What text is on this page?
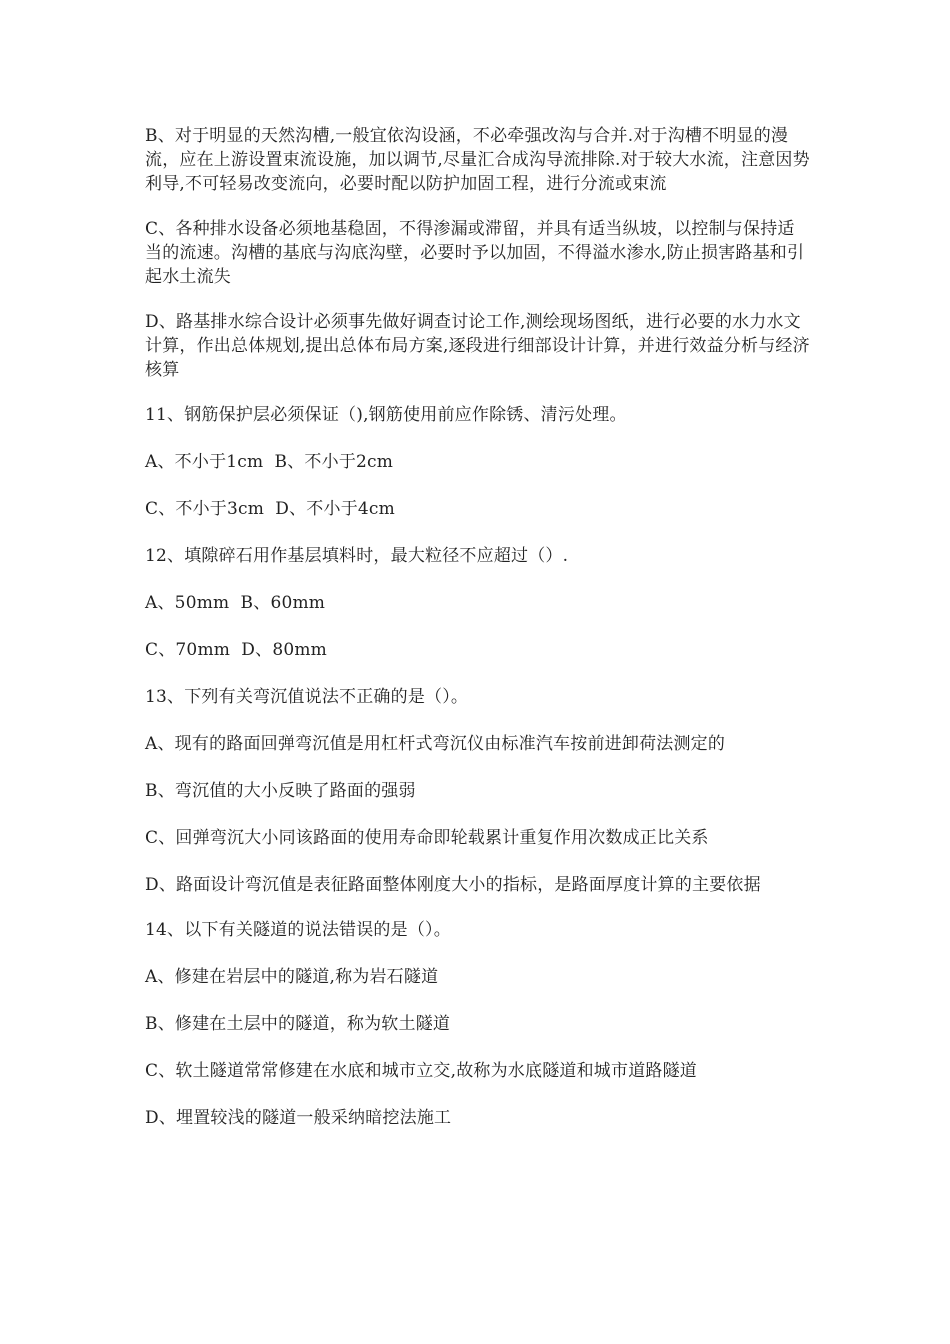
B、对于明显的天然沟槽,一般宜依沟设涵，不必牵强改沟与合并.对于沟槽不明显的漫流，应在上游设置束流设施，加以调节,尽量汇合成沟导流排除.对于较大水流，注意因势利导,不可轻易改变流向，必要时配以防护加固工程，进行分流或束流

C、各种排水设备必须地基稳固，不得渗漏或滞留，并具有适当纵坡，以控制与保持适当的流速。沟槽的基底与沟底沟壁，必要时予以加固，不得溢水渗水,防止损害路基和引起水土流失

D、路基排水综合设计必须事先做好调查讨论工作,测绘现场图纸，进行必要的水力水文计算，作出总体规划,提出总体布局方案,逐段进行细部设计计算，并进行效益分析与经济核算

11、钢筋保护层必须保证（),钢筋使用前应作除锈、清污处理。

A、不小于1cm  B、不小于2cm

C、不小于3cm  D、不小于4cm

12、填隙碎石用作基层填料时，最大粒径不应超过（）.

A、50mm  B、60mm

C、70mm  D、80mm

13、下列有关弯沉值说法不正确的是（）。

A、现有的路面回弹弯沉值是用杠杆式弯沉仪由标准汽车按前进卸荷法测定的

B、弯沉值的大小反映了路面的强弱

C、回弹弯沉大小同该路面的使用寿命即轮载累计重复作用次数成正比关系

D、路面设计弯沉值是表征路面整体刚度大小的指标，是路面厚度计算的主要依据

14、以下有关隧道的说法错误的是（）。

A、修建在岩层中的隧道,称为岩石隧道

B、修建在土层中的隧道，称为软土隧道

C、软土隧道常常修建在水底和城市立交,故称为水底隧道和城市道路隧道

D、埋置较浅的隧道一般采纳暗挖法施工
